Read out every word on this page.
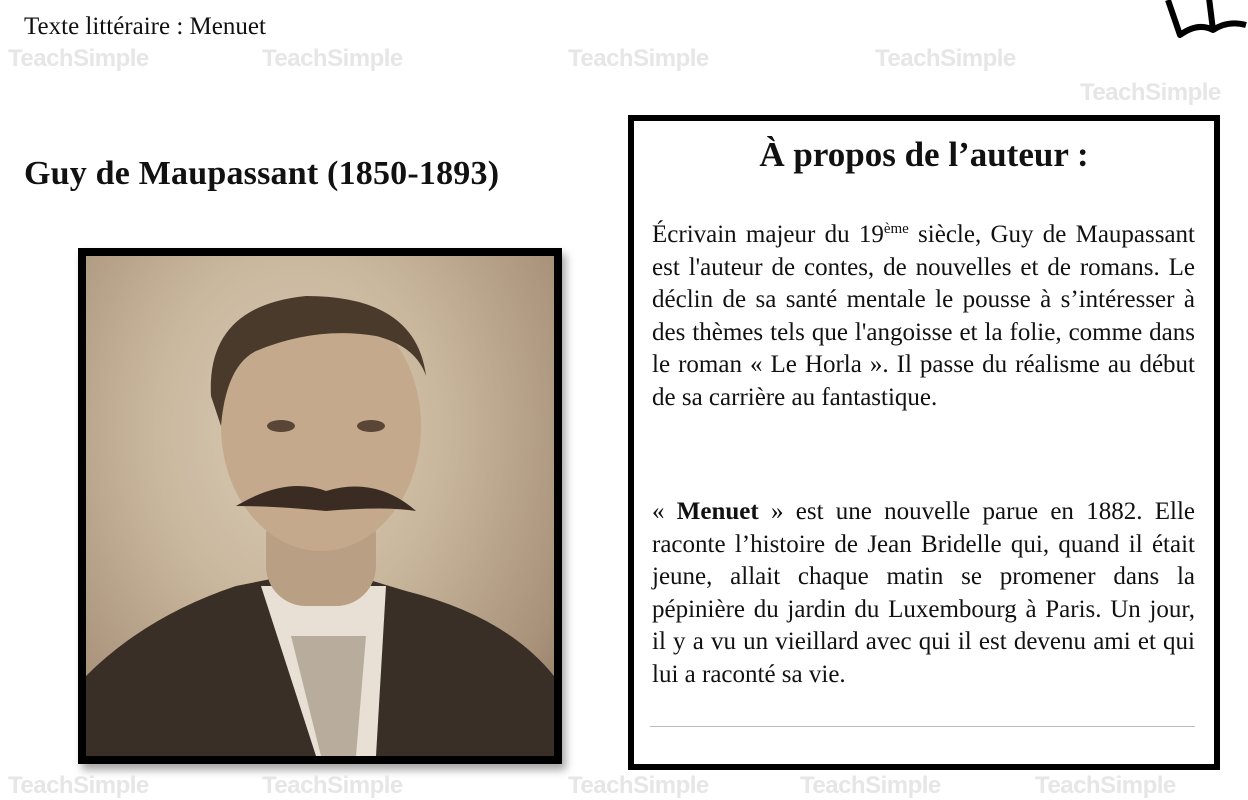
TeachSimple	TeachSimple	TeachSimple	TeachSimple
TeachSimple
TeachSimple	TeachSimple	TeachSimple	TeachSimple	TeachSimple
Texte littéraire : Menuet
Guy de Maupassant (1850-1893)	À propos de l’auteur :
Écrivain majeur du 19ème siècle, Guy de Maupassant est l'auteur de contes, de nouvelles et de romans. Le déclin de sa santé mentale le pousse à s’intéresser à des thèmes tels que l'angoisse et la folie, comme dans le roman « Le Horla ». Il passe du réalisme au début de sa carrière au fantastique.
« Menuet » est une nouvelle parue en 1882. Elle raconte l’histoire de Jean Bridelle qui, quand il était jeune, allait chaque matin se promener dans la pépinière du jardin du Luxembourg à Paris. Un jour, il y a vu un vieillard avec qui il est devenu ami et qui lui a raconté sa vie.
